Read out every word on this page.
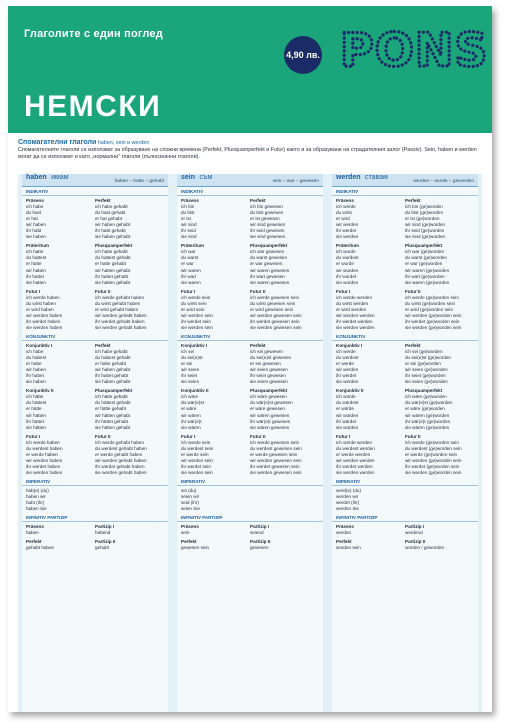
Глаголите с един поглед
НЕМСКИ
4,90 лв. PONS
Спомагателни глаголи haben, sein и werden
Спомагателните глаголи се използват за образуване на сложни времена (Perfekt, Plusquamperfekt и Futur) както и за образуване на страдателния залог (Passiv). Sein, haben и werden могат да се използват и като „нормални" глаголи (пълнозначни глаголи).
haben имам
haben – hatte – gehabt
INDIKATIV
Präsens	Perfekt
ich habe	ich habe gehabt
du hast	du hast gehabt
er hat	er hat gehabt
wir haben	wir haben gehabt
ihr habt	ihr habt gehabt
sie haben	sie haben gehabt
Präteritum	Plusquamperfekt
ich hatte	ich hatte gehabt
du hattest	du hattest gehabt
er hatte	er hatte gehabt
wir hatten	wir hatten gehabt
ihr hattet	ihr hattet gehabt
sie hatten	sie hatten gehabt
Futur I	Futur II
ich werde haben	ich werde gehabt haben
du wirst haben	du wirst gehabt haben
er wird haben	er wird gehabt haben
wir werden haben	wir werden gehabt haben
ihr werdet haben	ihr werdet gehabt haben
sie werden haben	sie werden gehabt haben
KONJUNKTIV
Konjunktiv I	Perfekt
ich habe	ich habe gehabt
du habest	du habest gehabt
er habe	er habe gehabt
wir haben	wir haben gehabt
ihr habet	ihr habet gehabt
sie haben	sie haben gehabt
Konjunktiv II	Plusquamperfekt
ich hätte	ich hätte gehabt
du hättest	du hättest gehabt
er hätte	er hätte gehabt
wir hätten	wir hätten gehabt
ihr hättet	ihr hättet gehabt
sie hätten	sie hätten gehabt
Futur I	Futur II
ich werde haben	ich werde gehabt haben
du werdest haben	du werdest gehabt haben
er werde haben	er werde gehabt haben
wir werden haben	wir werden gehabt haben
ihr werdet haben	ihr werdet gehabt haben
sie werden haben	sie werden gehabt haben
IMPERATIV
hab(e) (du)
haben wir
habt (ihr)
haben Sie
INFINITIV PARTIZIP
Präsens	Partizip I
haben	habend
Perfekt	Partizip II
gehabt haben	gehabt
sein съм
sein – war – gewesen
INDIKATIV
Präsens	Perfekt
ich bin	ich bin gewesen
du bist	du bist gewesen
er ist	er ist gewesen
wir sind	wir sind gewesen
ihr seid	ihr seid gewesen
sie sind	sie sind gewesen
Präteritum	Plusquamperfekt
ich war	ich war gewesen
du warst	du warst gewesen
er war	er war gewesen
wir waren	wir waren gewesen
ihr wart	ihr wart gewesen
sie waren	sie waren gewesen
Futur I	Futur II
ich werde sein	ich werde gewesen sein
du wirst sein	du wirst gewesen sein
er wird sein	er wird gewesen sein
wir werden sein	wir werden gewesen sein
ihr werdet sein	ihr werdet gewesen sein
sie werden sein	sie werden gewesen sein
KONJUNKTIV
Konjunktiv I	Perfekt
ich sei	ich sei gewesen
du sei(e)st	du sei(e)st gewesen
er sei	er sei gewesen
wir seien	wir seien gewesen
ihr seiet	ihr seiet gewesen
sie seien	sie seien gewesen
Konjunktiv II	Plusquamperfekt
ich wäre	ich wäre gewesen
du wär(e)st	du wär(e)st gewesen
er wäre	er wäre gewesen
wir wären	wir wären gewesen
ihr wär(e)t	ihr wär(e)t gewesen
sie wären	sie wären gewesen
Futur I	Futur II
ich werde sein	ich werde gewesen sein
du werdest sein	du werdest gewesen sein
er werde sein	er werde gewesen sein
wir werden sein	wir werden gewesen sein
ihr werdet sein	ihr werdet gewesen sein
sie werden sein	sie werden gewesen sein
IMPERATIV
sei (du)
seien wir
seid (ihr)
seien Sie
INFINITIV PARTIZIP
Präsens	Partizip I
sein	seiend
Perfekt	Partizip II
gewesen sein	gewesen
werden ставам
werden – wurde – geworden
INDIKATIV
Präsens	Perfekt
ich werde	ich bin (ge)worden
du wirst	du bist (ge)worden
er wird	er ist (ge)worden
wir werden	wir sind (ge)worden
ihr werdet	ihr seid (ge)worden
sie werden	sie sind (ge)worden
Präteritum	Plusquamperfekt
ich wurde	ich war (ge)worden
du wurdest	du warst (ge)worden
er wurde	er war (ge)worden
wir wurden	wir waren (ge)worden
ihr wurdet	ihr wart (ge)worden
sie wurden	sie waren (ge)worden
Futur I	Futur II
ich werde werden	ich werde (ge)worden sein
du wirst werden	du wirst (ge)worden sein
er wird werden	er wird (ge)worden sein
wir werden werden	wir werden (ge)worden sein
ihr werdet werden	ihr werdet (ge)worden sein
sie werden werden	sie werden (ge)worden sein
KONJUNKTIV
Konjunktiv I	Perfekt
ich werde	ich sei (ge)worden
du werdest	du sei(e)st (ge)worden
er werde	er sei (ge)worden
wir werden	wir seien (ge)worden
ihr werdet	ihr seiet (ge)worden
sie werden	sie seien (ge)worden
Konjunktiv II	Plusquamperfekt
ich würde	ich wäre (ge)worden
du würdest	du wär(e)st (ge)worden
er würde	er wäre (ge)worden
wir würden	wir wären (ge)worden
ihr würdet	ihr wär(e)t (ge)worden
sie würden	sie wären (ge)worden
Futur I	Futur II
ich werde werden	ich werde (ge)worden sein
du werdest werden	du werdest (ge)worden sein
er werde werden	er werde (ge)worden sein
wir werden werden	wir werden (ge)worden sein
ihr werdet werden	ihr werdet (ge)worden sein
sie werden werden	sie werden (ge)worden sein
IMPERATIV
werd(e) (du)
werden wir
werdet (ihr)
werden Sie
INFINITIV PARTIZIP
Präsens	Partizip I
werden	werdend
Perfekt	Partizip II
worden sein	worden / geworden
